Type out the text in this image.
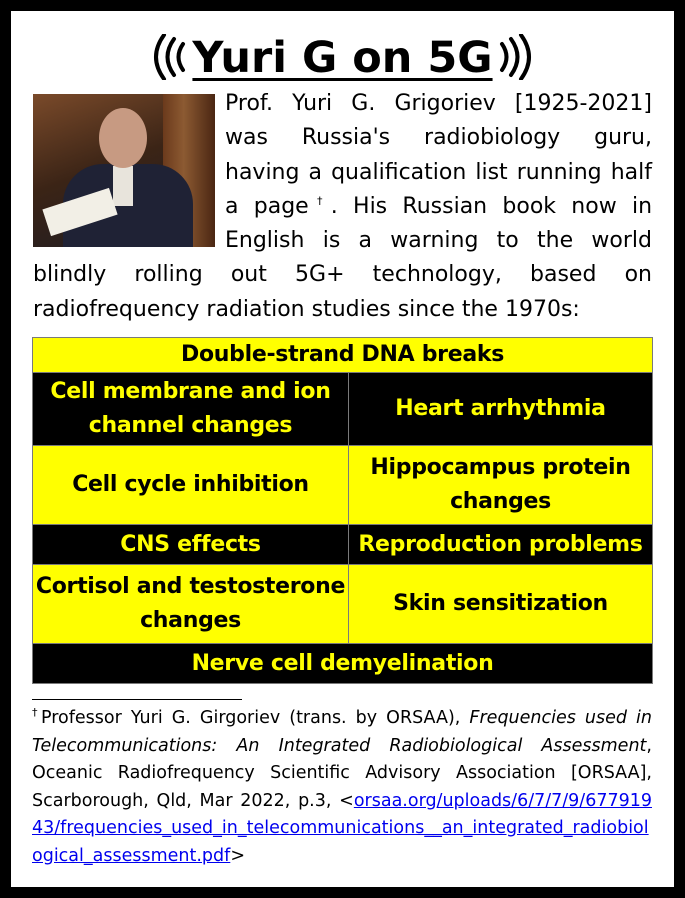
Yuri G on 5G
Prof. Yuri G. Grigoriev [1925-2021] was Russia's radiobiology guru, having a qualification list running half a page†. His Russian book now in English is a warning to the world blindly rolling out 5G+ technology, based on radiofrequency radiation studies since the 1970s:
Double-strand DNA breaks	
Cell membrane and ion channel changes	Heart arrhythmia
Cell cycle inhibition	Hippocampus protein changes
CNS effects	Reproduction problems
Cortisol and testosterone changes	Skin sensitization
Nerve cell demyelination	
†Professor Yuri G. Girgoriev (trans. by ORSAA), Frequencies used in Telecommunications: An Integrated Radiobiological Assessment, Oceanic Radiofrequency Scientific Advisory Association [ORSAA], Scarborough, Qld, Mar 2022, p.3, <orsaa.org/uploads/6/7/7/9/67791943/frequencies_used_in_telecommunications__an_integrated_radiobiological_assessment.pdf>
